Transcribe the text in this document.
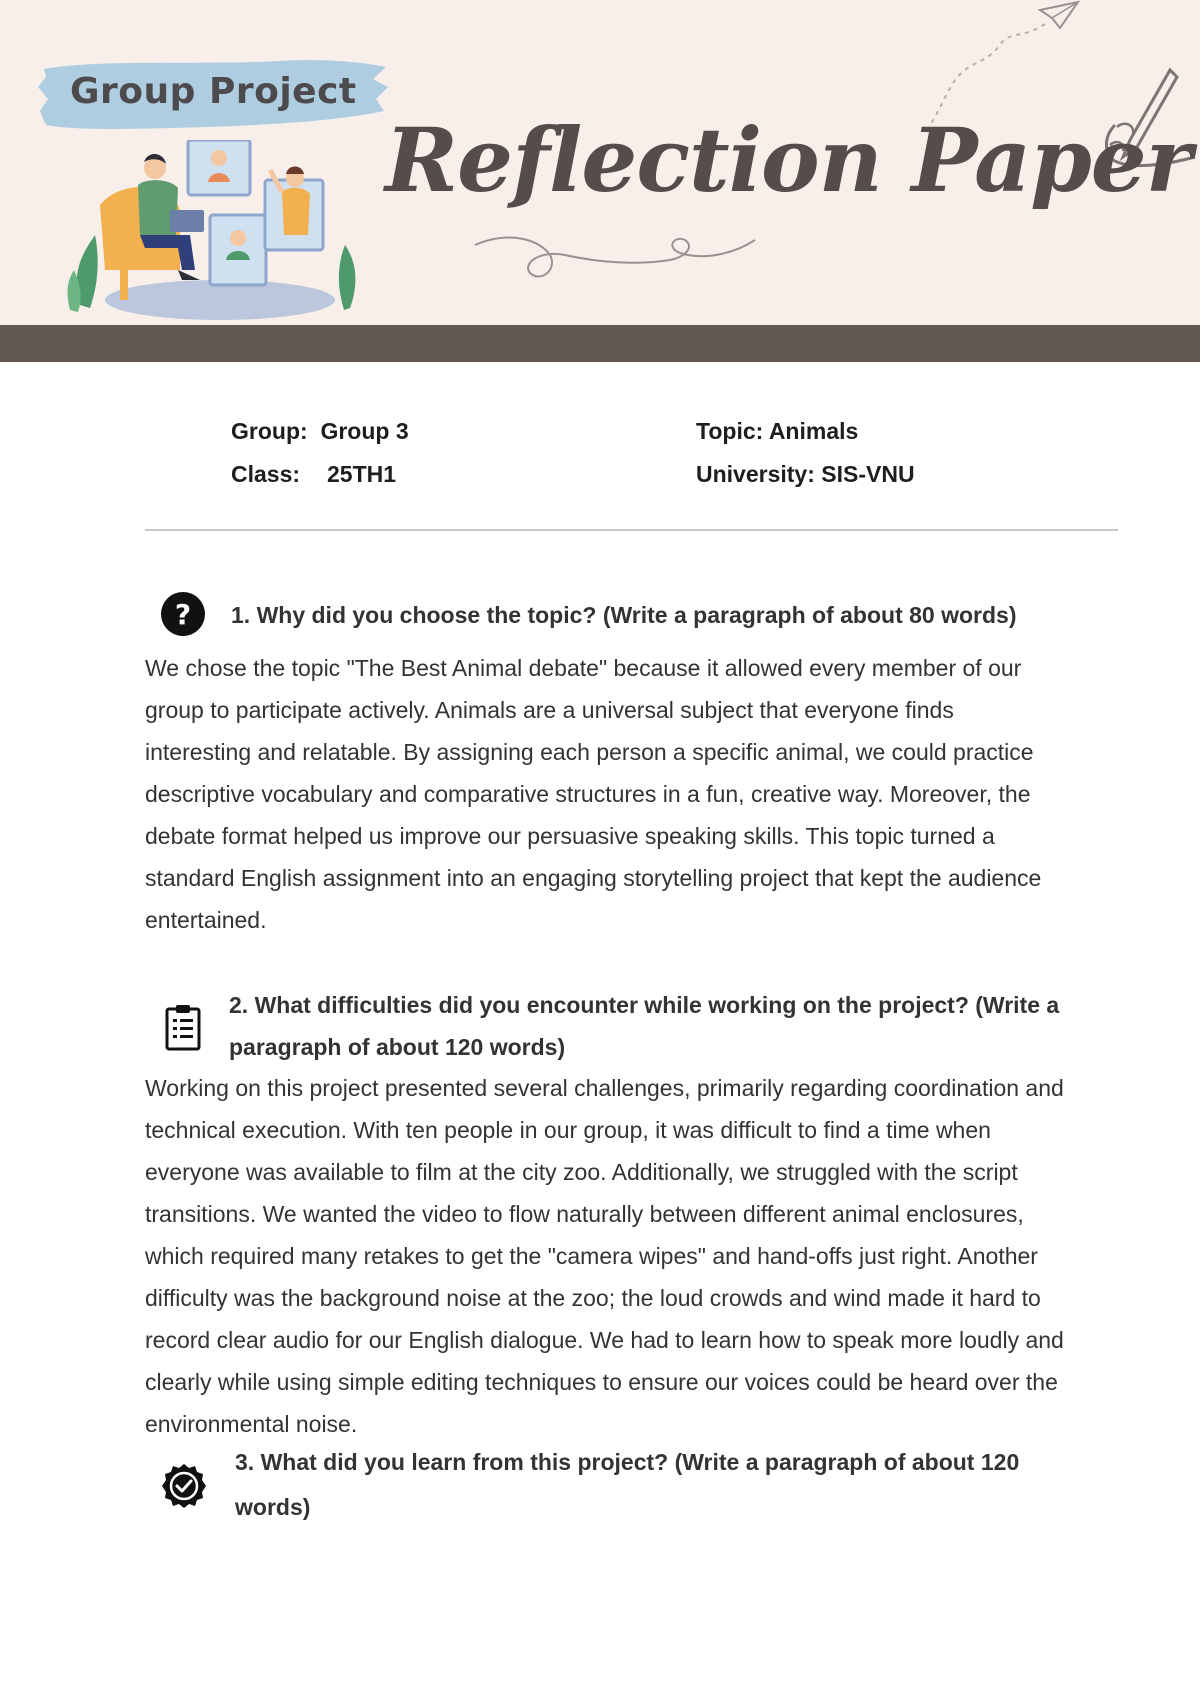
Group Project
Reflection Paper
Group: Group 3
Class: 25TH1
Topic: Animals
University: SIS-VNU
? 1. Why did you choose the topic? (Write a paragraph of about 80 words)
We chose the topic "The Best Animal debate" because it allowed every member of our
group to participate actively. Animals are a universal subject that everyone finds
interesting and relatable. By assigning each person a specific animal, we could practice
descriptive vocabulary and comparative structures in a fun, creative way. Moreover, the
debate format helped us improve our persuasive speaking skills. This topic turned a
standard English assignment into an engaging storytelling project that kept the audience
entertained.
2. What difficulties did you encounter while working on the project? (Write a
paragraph of about 120 words)
Working on this project presented several challenges, primarily regarding coordination and
technical execution. With ten people in our group, it was difficult to find a time when
everyone was available to film at the city zoo. Additionally, we struggled with the script
transitions. We wanted the video to flow naturally between different animal enclosures,
which required many retakes to get the "camera wipes" and hand-offs just right. Another
difficulty was the background noise at the zoo; the loud crowds and wind made it hard to
record clear audio for our English dialogue. We had to learn how to speak more loudly and
clearly while using simple editing techniques to ensure our voices could be heard over the
environmental noise.
3. What did you learn from this project? (Write a paragraph of about 120
words)
